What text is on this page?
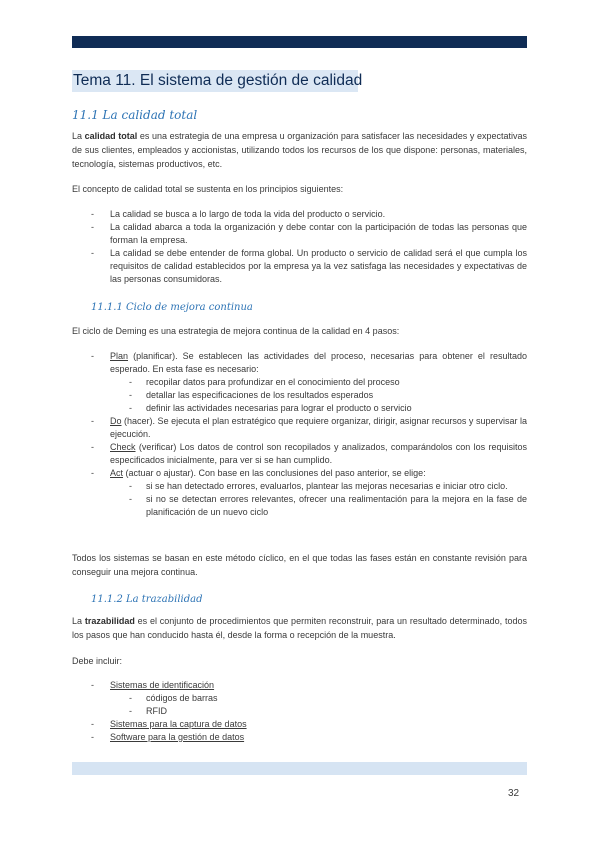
Tema 11. El sistema de gestión de calidad
11.1 La calidad total

La calidad total es una estrategia de una empresa u organización para satisfacer las necesidades y expectativas de sus clientes, empleados y accionistas, utilizando todos los recursos de los que dispone: personas, materiales, tecnología, sistemas productivos, etc.

El concepto de calidad total se sustenta en los principios siguientes:

- La calidad se busca a lo largo de toda la vida del producto o servicio.
- La calidad abarca a toda la organización y debe contar con la participación de todas las personas que forman la empresa.
- La calidad se debe entender de forma global. Un producto o servicio de calidad será el que cumpla los requisitos de calidad establecidos por la empresa ya la vez satisfaga las necesidades y expectativas de las personas consumidoras.
11.1.1 Ciclo de mejora continua

El ciclo de Deming es una estrategia de mejora continua de la calidad en 4 pasos:

- Plan (planificar). Se establecen las actividades del proceso, necesarias para obtener el resultado esperado. En esta fase es necesario:
- recopilar datos para profundizar en el conocimiento del proceso
- detallar las especificaciones de los resultados esperados
- definir las actividades necesarias para lograr el producto o servicio
- Do (hacer). Se ejecuta el plan estratégico que requiere organizar, dirigir, asignar recursos y supervisar la ejecución.
- Check (verificar) Los datos de control son recopilados y analizados, comparándolos con los requisitos especificados inicialmente, para ver si se han cumplido.
- Act (actuar o ajustar). Con base en las conclusiones del paso anterior, se elige:
- si se han detectado errores, evaluarlos, plantear las mejoras necesarias e iniciar otro ciclo.
- si no se detectan errores relevantes, ofrecer una realimentación para la mejora en la fase de planificación de un nuevo ciclo

Todos los sistemas se basan en este método cíclico, en el que todas las fases están en constante revisión para conseguir una mejora continua.

11.1.2 La trazabilidad

La trazabilidad es el conjunto de procedimientos que permiten reconstruir, para un resultado determinado, todos los pasos que han conducido hasta él, desde la forma o recepción de la muestra.

Debe incluir:

- Sistemas de identificación
- códigos de barras
- RFID
- Sistemas para la captura de datos
- Software para la gestión de datos
32
